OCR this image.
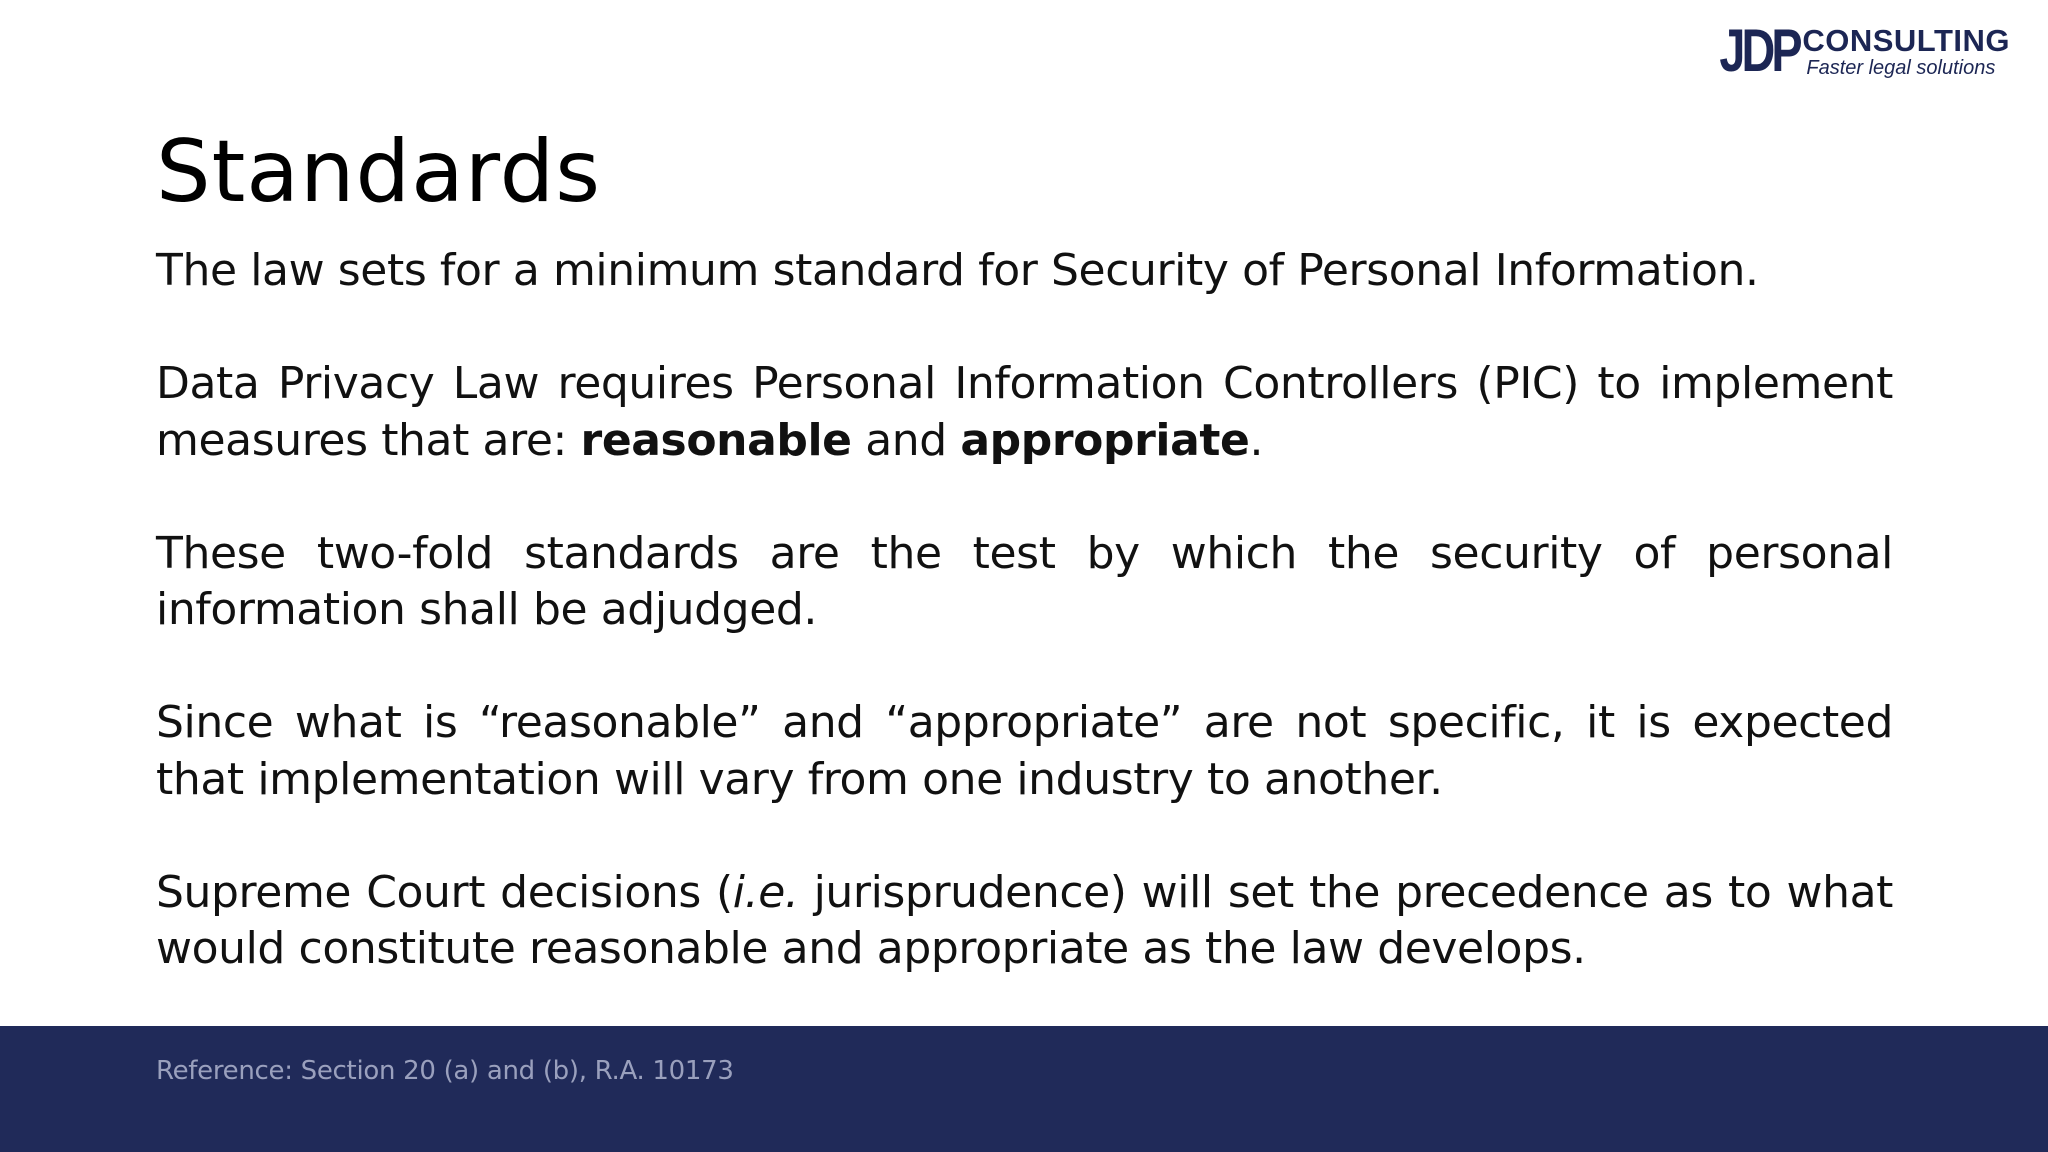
JDP CONSULTING
Faster legal solutions
Standards

The law sets for a minimum standard for Security of Personal Information.

Data Privacy Law requires Personal Information Controllers (PIC) to implement measures that are: reasonable and appropriate.

These two-fold standards are the test by which the security of personal information shall be adjudged.

Since what is “reasonable” and “appropriate” are not specific, it is expected that implementation will vary from one industry to another.

Supreme Court decisions (i.e. jurisprudence) will set the precedence as to what would constitute reasonable and appropriate as the law develops.

Reference: Section 20 (a) and (b), R.A. 10173
